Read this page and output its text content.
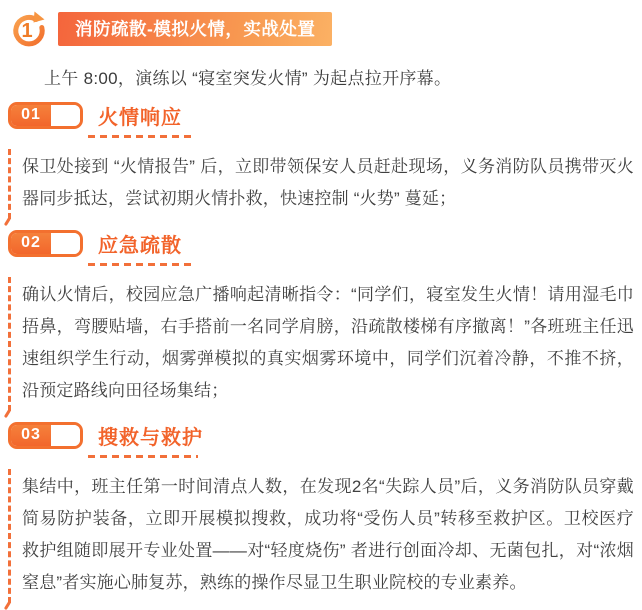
1	消防疏散-模拟火情，实战处置

上午 8:00，演练以 “寝室突发火情” 为起点拉开序幕。

01	火情响应

保卫处接到 “火情报告” 后，立即带领保安人员赶赴现场，义务消防队员携带灭火器同步抵达，尝试初期火情扑救，快速控制 “火势” 蔓延；

02	应急疏散

确认火情后，校园应急广播响起清晰指令：“同学们，寝室发生火情！请用湿毛巾捂鼻，弯腰贴墙，右手搭前一名同学肩膀，沿疏散楼梯有序撤离！”各班班主任迅速组织学生行动，烟雾弹模拟的真实烟雾环境中，同学们沉着冷静，不推不挤，沿预定路线向田径场集结；

03	搜救与救护

集结中，班主任第一时间清点人数，在发现2名“失踪人员”后，义务消防队员穿戴简易防护装备，立即开展模拟搜救，成功将“受伤人员”转移至救护区。卫校医疗救护组随即展开专业处置——对“轻度烧伤” 者进行创面冷却、无菌包扎，对“浓烟窒息”者实施心肺复苏，熟练的操作尽显卫生职业院校的专业素养。
